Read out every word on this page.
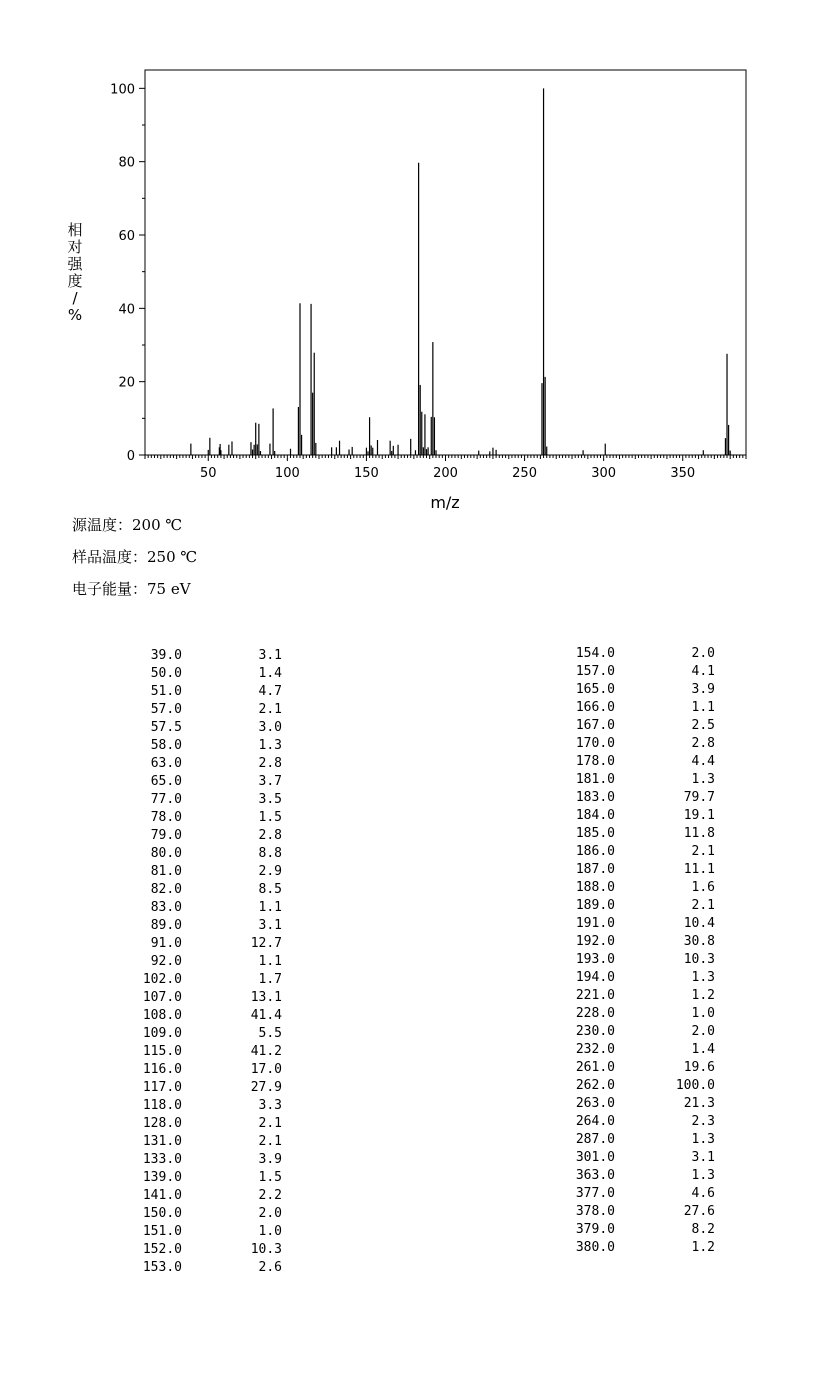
50	100	150	200	250	300	350
0
20
40
60
80
100
m/z
相
对
强
度
/
%
源温度：200 ℃
样品温度：250 ℃
电子能量：75 eV
39.0	3.1
50.0	1.4
51.0	4.7
57.0	2.1
57.5	3.0
58.0	1.3
63.0	2.8
65.0	3.7
77.0	3.5
78.0	1.5
79.0	2.8
80.0	8.8
81.0	2.9
82.0	8.5
83.0	1.1
89.0	3.1
91.0	12.7
92.0	1.1
102.0	1.7
107.0	13.1
108.0	41.4
109.0	5.5
115.0	41.2
116.0	17.0
117.0	27.9
118.0	3.3
128.0	2.1
131.0	2.1
133.0	3.9
139.0	1.5
141.0	2.2
150.0	2.0
151.0	1.0
152.0	10.3
153.0	2.6
154.0	2.0
157.0	4.1
165.0	3.9
166.0	1.1
167.0	2.5
170.0	2.8
178.0	4.4
181.0	1.3
183.0	79.7
184.0	19.1
185.0	11.8
186.0	2.1
187.0	11.1
188.0	1.6
189.0	2.1
191.0	10.4
192.0	30.8
193.0	10.3
194.0	1.3
221.0	1.2
228.0	1.0
230.0	2.0
232.0	1.4
261.0	19.6
262.0	100.0
263.0	21.3
264.0	2.3
287.0	1.3
301.0	3.1
363.0	1.3
377.0	4.6
378.0	27.6
379.0	8.2
380.0	1.2
